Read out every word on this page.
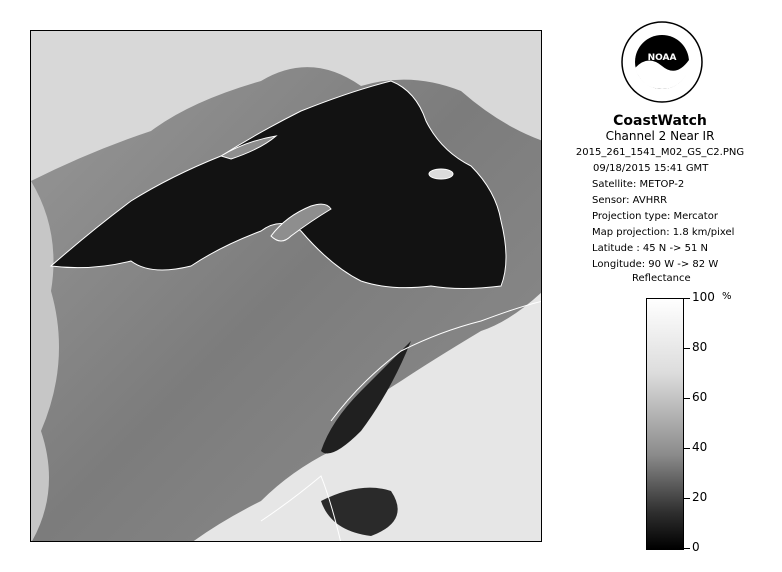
NOAA
CoastWatch
Channel 2 Near IR
2015_261_1541_M02_GS_C2.PNG
09/18/2015 15:41 GMT
Satellite: METOP-2
Sensor: AVHRR
Projection type: Mercator
Map projection: 1.8 km/pixel
Latitude : 45 N -> 51 N
Longitude: 90 W -> 82 W
Reflectance
%
100
80
60
40
20
0
